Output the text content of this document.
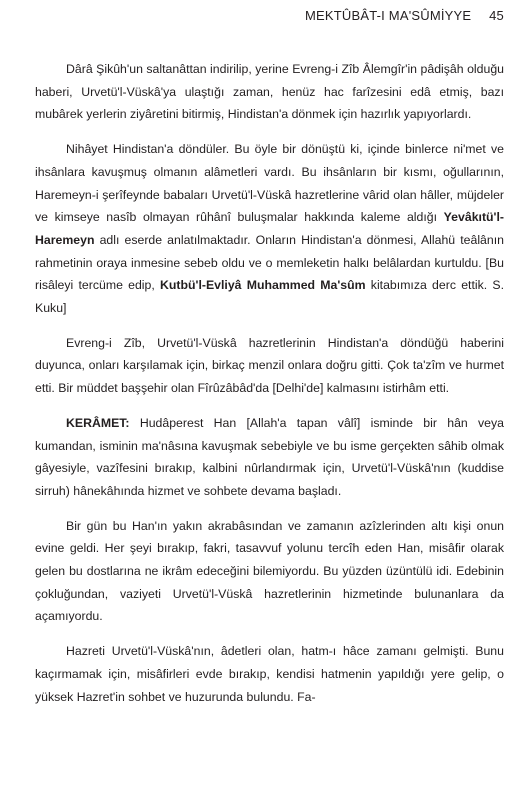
MEKTÛBÂT-I MA'SÛMİYYE 45

Dârâ Şikûh'un saltanâttan indirilip, yerine Evreng-i Zîb Âlemgîr'in pâdişâh olduğu haberi, Urvetü'l-Vüskâ'ya ulaştığı zaman, henüz hac farîzesini edâ etmiş, bazı mubârek yerlerin ziyâretini bitirmiş, Hindistan'a dönmek için hazırlık yapıyorlardı.

Nihâyet Hindistan'a döndüler. Bu öyle bir dönüştü ki, içinde binlerce ni'met ve ihsânlara kavuşmuş olmanın alâmetleri vardı. Bu ihsânların bir kısmı, oğullarının, Haremeyn-i şerîfeynde babaları Urvetü'l-Vüskâ hazretlerine vârid olan hâller, müjdeler ve kimseye nasîb olmayan rûhânî buluşmalar hakkında kaleme aldığı Yevâkıtü'l-Haremeyn adlı eserde anlatılmaktadır. Onların Hindistan'a dönmesi, Allahü teâlânın rahmetinin oraya inmesine sebeb oldu ve o memleketin halkı belâlardan kurtuldu. [Bu risâleyi tercüme edip, Kutbü'l-Evliyâ Muhammed Ma'sûm kitabımıza derc ettik. S. Kuku]

Evreng-i Zîb, Urvetü'l-Vüskâ hazretlerinin Hindistan'a döndüğü haberini duyunca, onları karşılamak için, birkaç menzil onlara doğru gitti. Çok ta'zîm ve hurmet etti. Bir müddet başşehir olan Fîrûzâbâd'da [Delhi'de] kalmasını istirhâm etti.

KERÂMET: Hudâperest Han [Allah'a tapan vâlî] isminde bir hân veya kumandan, isminin ma'nâsına kavuşmak sebebiyle ve bu isme gerçekten sâhib olmak gâyesiyle, vazîfesini bırakıp, kalbini nûrlandırmak için, Urvetü'l-Vüskâ'nın (kuddise sirruh) hânekâhında hizmet ve sohbete devama başladı.

Bir gün bu Han'ın yakın akrabâsından ve zamanın azîzlerinden altı kişi onun evine geldi. Her şeyi bırakıp, fakri, tasavvuf yolunu tercîh eden Han, misâfir olarak gelen bu dostlarına ne ikrâm edeceğini bilemiyordu. Bu yüzden üzüntülü idi. Edebinin çokluğundan, vaziyeti Urvetü'l-Vüskâ hazretlerinin hizmetinde bulunanlara da açamıyordu.

Hazreti Urvetü'l-Vüskâ'nın, âdetleri olan, hatm-ı hâce zamanı gelmişti. Bunu kaçırmamak için, misâfirleri evde bırakıp, kendisi hatmenin yapıldığı yere gelip, o yüksek Hazret'in sohbet ve huzurunda bulundu. Fa-
